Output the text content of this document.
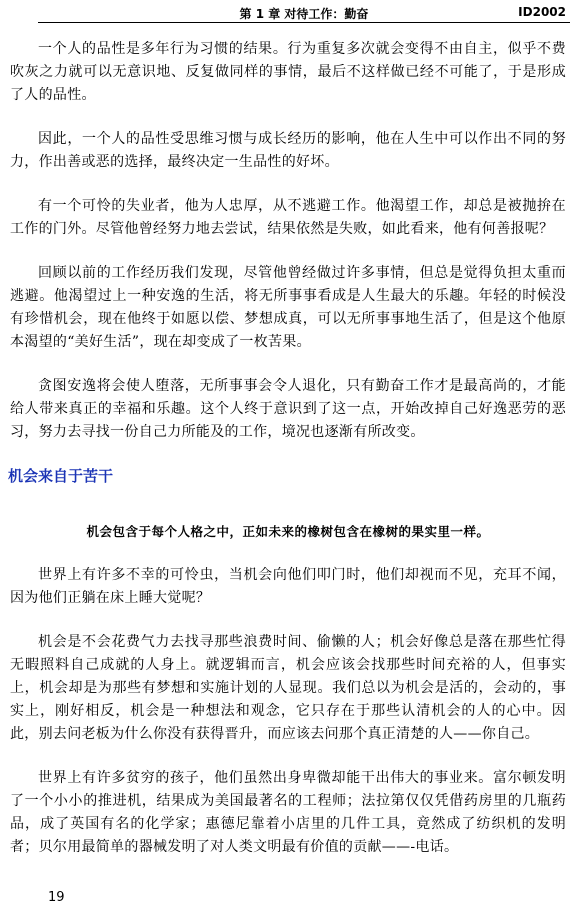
第 1 章 对待工作：勤奋	ID2002

一个人的品性是多年行为习惯的结果。行为重复多次就会变得不由自主，似乎不费吹灰之力就可以无意识地、反复做同样的事情，最后不这样做已经不可能了，于是形成了人的品性。

因此，一个人的品性受思维习惯与成长经历的影响，他在人生中可以作出不同的努力，作出善或恶的选择，最终决定一生品性的好坏。

有一个可怜的失业者，他为人忠厚，从不逃避工作。他渴望工作，却总是被抛拚在工作的门外。尽管他曾经努力地去尝试，结果依然是失败，如此看来，他有何善报呢？

回顾以前的工作经历我们发现，尽管他曾经做过许多事情，但总是觉得负担太重而逃避。他渴望过上一种安逸的生活，将无所事事看成是人生最大的乐趣。年轻的时候没有珍惜机会，现在他终于如愿以偿、梦想成真，可以无所事事地生活了，但是这个他原本渴望的“美好生活”，现在却变成了一枚苦果。

贪图安逸将会使人堕落，无所事事会令人退化，只有勤奋工作才是最高尚的，才能给人带来真正的幸福和乐趣。这个人终于意识到了这一点，开始改掉自己好逸恶劳的恶习，努力去寻找一份自己力所能及的工作，境况也逐渐有所改变。

机会来自于苦干
机会包含于每个人格之中，正如未来的橡树包含在橡树的果实里一样。

世界上有许多不幸的可怜虫，当机会向他们叩门时，他们却视而不见，充耳不闻，因为他们正躺在床上睡大觉呢？

机会是不会花费气力去找寻那些浪费时间、偷懒的人；机会好像总是落在那些忙得无暇照料自己成就的人身上。就逻辑而言，机会应该会找那些时间充裕的人，但事实上，机会却是为那些有梦想和实施计划的人显现。我们总以为机会是活的，会动的，事实上，刚好相反，机会是一种想法和观念，它只存在于那些认清机会的人的心中。因此，别去问老板为什么你没有获得晋升，而应该去问那个真正清楚的人——你自己。

世界上有许多贫穷的孩子，他们虽然出身卑微却能干出伟大的事业来。富尔顿发明了一个小小的推进机，结果成为美国最著名的工程师；法拉第仅仅凭借药房里的几瓶药品，成了英国有名的化学家；惠德尼靠着小店里的几件工具，竟然成了纺织机的发明者；贝尔用最简单的器械发明了对人类文明最有价值的贡献——-电话。

19
